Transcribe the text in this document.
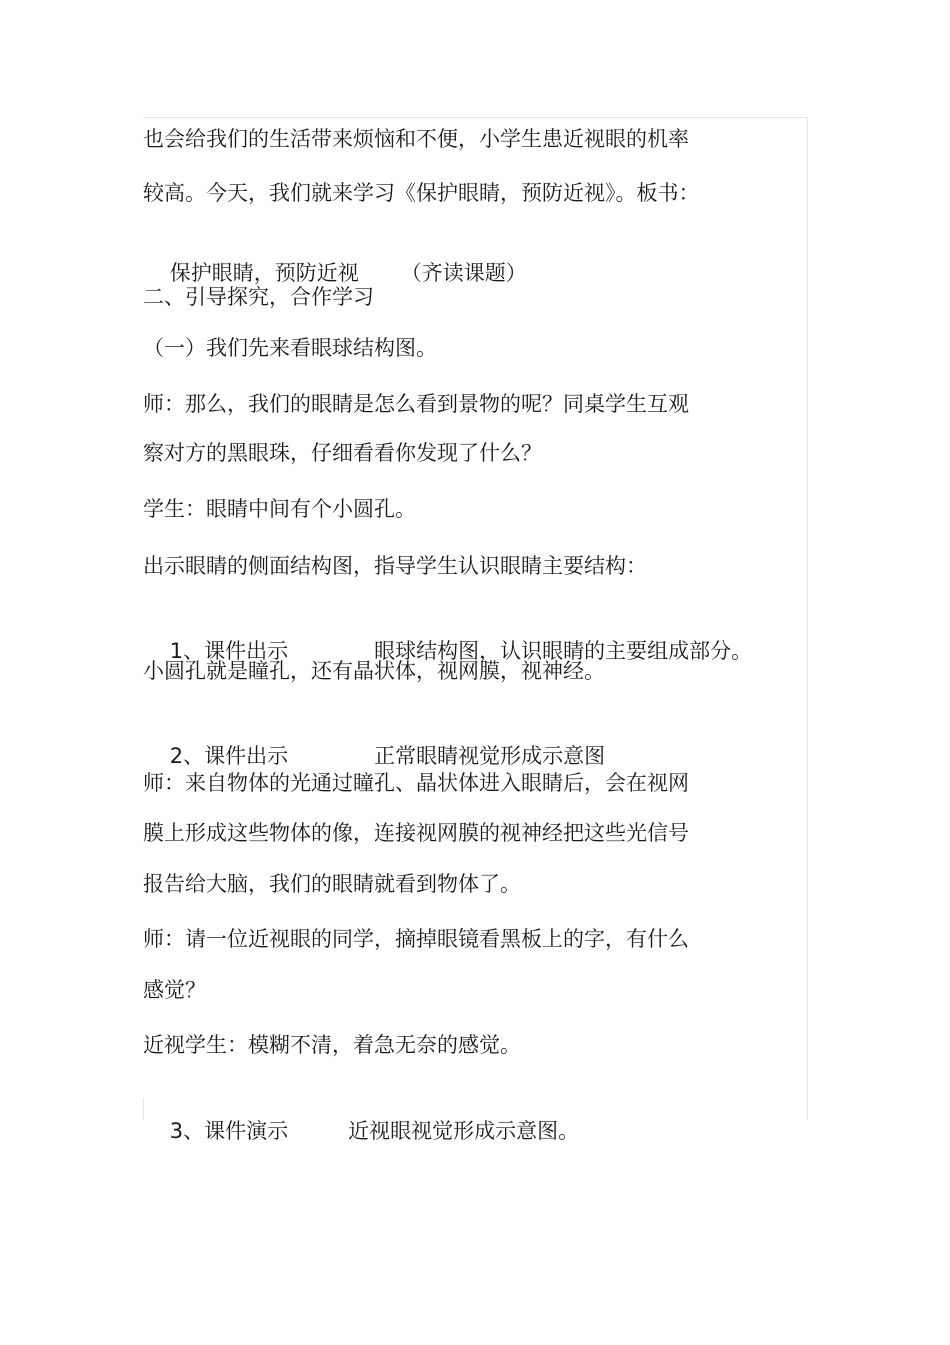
也会给我们的生活带来烦恼和不便，小学生患近视眼的机率
较高。今天，我们就来学习《保护眼睛，预防近视》。板书：

保护眼睛，预防近视 （齐读课题）

二、引导探究，合作学习
（一）我们先来看眼球结构图。
师：那么，我们的眼睛是怎么看到景物的呢？同桌学生互观
察对方的黑眼珠，仔细看看你发现了什么？
学生：眼睛中间有个小圆孔。
出示眼睛的侧面结构图，指导学生认识眼睛主要结构：

1、课件出示	眼球结构图，认识眼睛的主要组成部分。

小圆孔就是瞳孔，还有晶状体，视网膜，视神经。

2、课件出示	正常眼睛视觉形成示意图

师：来自物体的光通过瞳孔、晶状体进入眼睛后，会在视网
膜上形成这些物体的像，连接视网膜的视神经把这些光信号
报告给大脑，我们的眼睛就看到物体了。
师：请一位近视眼的同学，摘掉眼镜看黑板上的字，有什么
感觉？
近视学生：模糊不清，着急无奈的感觉。

3、课件演示	近视眼视觉形成示意图。
